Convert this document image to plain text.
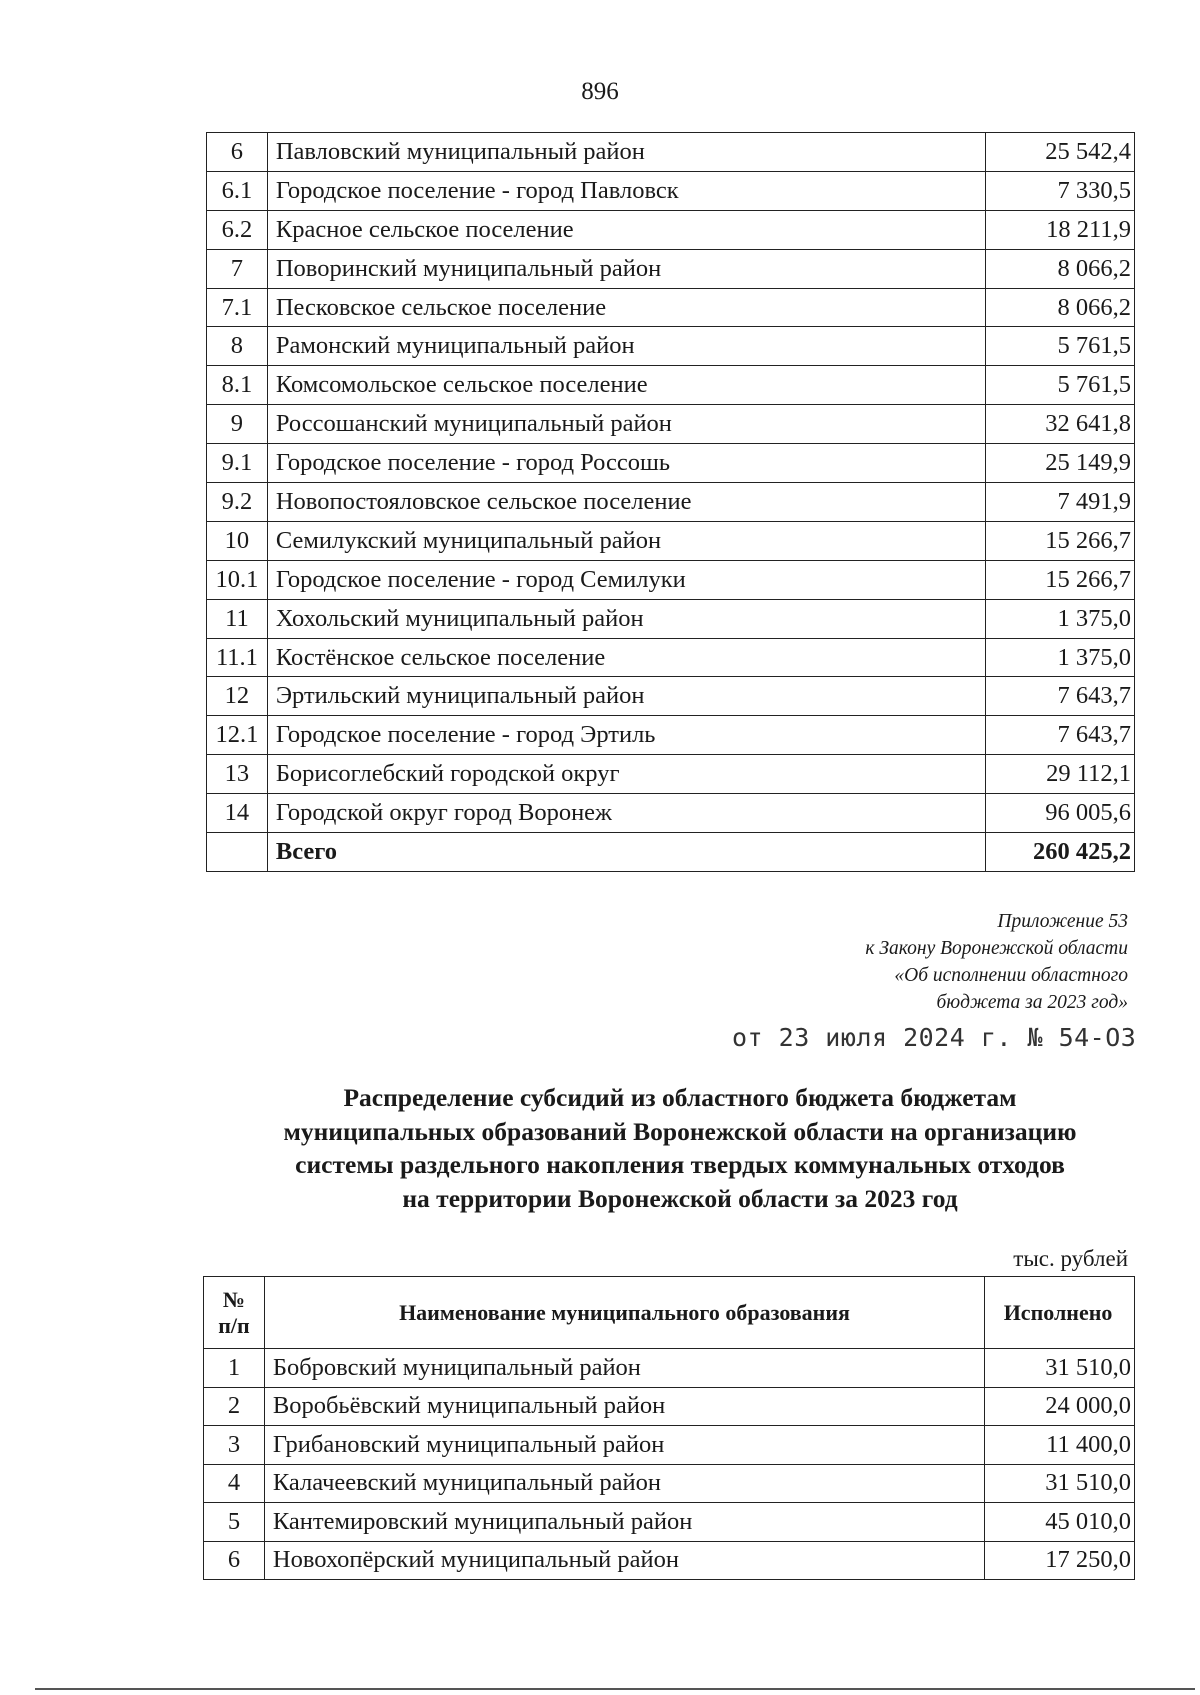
896
6	Павловский муниципальный район	25 542,4
6.1	Городское поселение - город Павловск	7 330,5
6.2	Красное сельское поселение	18 211,9
7	Поворинский муниципальный район	8 066,2
7.1	Песковское сельское поселение	8 066,2
8	Рамонский муниципальный район	5 761,5
8.1	Комсомольское сельское поселение	5 761,5
9	Россошанский муниципальный район	32 641,8
9.1	Городское поселение - город Россошь	25 149,9
9.2	Новопостояловское сельское поселение	7 491,9
10	Семилукский муниципальный район	15 266,7
10.1	Городское поселение - город Семилуки	15 266,7
11	Хохольский муниципальный район	1 375,0
11.1	Костёнское сельское поселение	1 375,0
12	Эртильский муниципальный район	7 643,7
12.1	Городское поселение - город Эртиль	7 643,7
13	Борисоглебский городской округ	29 112,1
14	Городской округ город Воронеж	96 005,6
	Всего	260 425,2
Приложение 53
к Закону Воронежской области
«Об исполнении областного
бюджета за 2023 год»
от 23 июля 2024 г. № 54-ОЗ
Распределение субсидий из областного бюджета бюджетам
муниципальных образований Воронежской области на организацию
системы раздельного накопления твердых коммунальных отходов
на территории Воронежской области за 2023 год
тыс. рублей
№
п/п	Наименование муниципального образования	Исполнено
1	Бобровский муниципальный район	31 510,0
2	Воробьёвский муниципальный район	24 000,0
3	Грибановский муниципальный район	11 400,0
4	Калачеевский муниципальный район	31 510,0
5	Кантемировский муниципальный район	45 010,0
6	Новохопёрский муниципальный район	17 250,0
